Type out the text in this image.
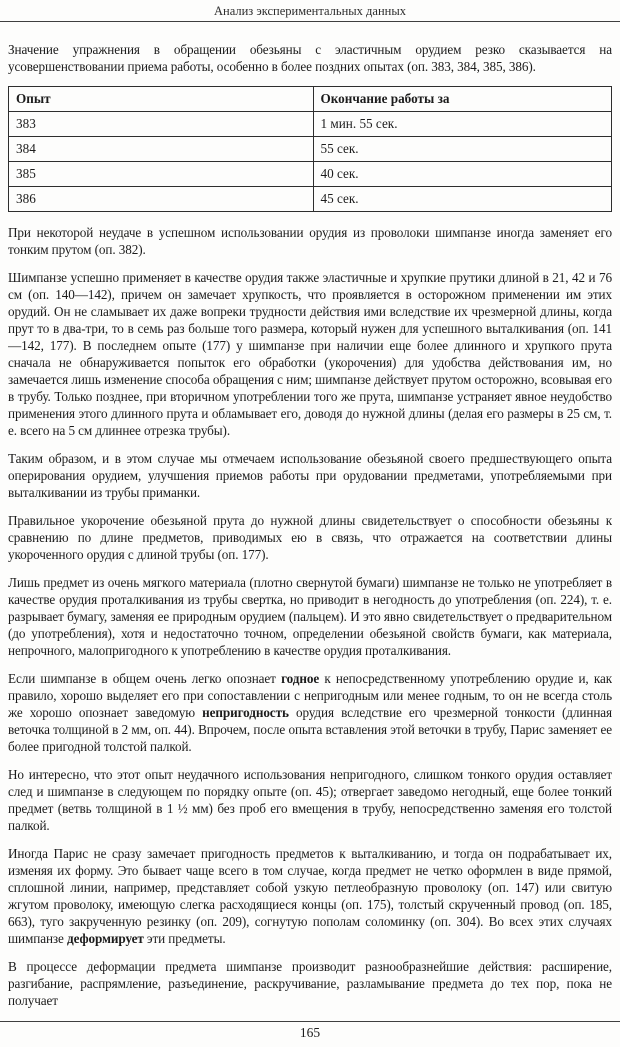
Анализ экспериментальных данных

Значение упражнения в обращении обезьяны с эластичным орудием резко сказывается на усовершенствовании приема работы, особенно в более поздних опытах (оп. 383, 384, 385, 386).

Опыт	Окончание работы за
383	1 мин. 55 сек.
384	55 сек.
385	40 сек.
386	45 сек.

При некоторой неудаче в успешном использовании орудия из проволоки шимпанзе иногда заменяет его тонким прутом (оп. 382).

Шимпанзе успешно применяет в качестве орудия также эластичные и хрупкие прутики длиной в 21, 42 и 76 см (оп. 140—142), причем он замечает хрупкость, что проявляется в осторожном применении им этих орудий. Он не сламывает их даже вопреки трудности действия ими вследствие их чрезмерной длины, когда прут то в два-три, то в семь раз больше того размера, который нужен для успешного выталкивания (оп. 141—142, 177). В последнем опыте (177) у шимпанзе при наличии еще более длинного и хрупкого прута сначала не обнаруживается попыток его обработки (укорочения) для удобства действования им, но замечается лишь изменение способа обращения с ним; шимпанзе действует прутом осторожно, всовывая его в трубу. Только позднее, при вторичном употреблении того же прута, шимпанзе устраняет явное неудобство применения этого длинного прута и обламывает его, доводя до нужной длины (делая его размеры в 25 см, т. е. всего на 5 см длиннее отрезка трубы).

Таким образом, и в этом случае мы отмечаем использование обезьяной своего предшествующего опыта оперирования орудием, улучшения приемов работы при орудовании предметами, употребляемыми при выталкивании из трубы приманки.

Правильное укорочение обезьяной прута до нужной длины свидетельствует о способности обезьяны к сравнению по длине предметов, приводимых ею в связь, что отражается на соответствии длины укороченного орудия с длиной трубы (оп. 177).

Лишь предмет из очень мягкого материала (плотно свернутой бумаги) шимпанзе не только не употребляет в качестве орудия проталкивания из трубы свертка, но приводит в негодность до употребления (оп. 224), т. е. разрывает бумагу, заменяя ее природным орудием (пальцем). И это явно свидетельствует о предварительном (до употребления), хотя и недостаточно точном, определении обезьяной свойств бумаги, как материала, непрочного, малопригодного к употреблению в качестве орудия проталкивания.

Если шимпанзе в общем очень легко опознает годное к непосредственному употреблению орудие и, как правило, хорошо выделяет его при сопоставлении с непригодным или менее годным, то он не всегда столь же хорошо опознает заведомую непригодность орудия вследствие его чрезмерной тонкости (длинная веточка толщиной в 2 мм, оп. 44). Впрочем, после опыта вставления этой веточки в трубу, Парис заменяет ее более пригодной толстой палкой.

Но интересно, что этот опыт неудачного использования непригодного, слишком тонкого орудия оставляет след и шимпанзе в следующем по порядку опыте (оп. 45); отвергает заведомо негодный, еще более тонкий предмет (ветвь толщиной в 1 ½ мм) без проб его вмещения в трубу, непосредственно заменяя его толстой палкой.

Иногда Парис не сразу замечает пригодность предметов к выталкиванию, и тогда он подрабатывает их, изменяя их форму. Это бывает чаще всего в том случае, когда предмет не четко оформлен в виде прямой, сплошной линии, например, представляет собой узкую петлеобразную проволоку (оп. 147) или свитую жгутом проволоку, имеющую слегка расходящиеся концы (оп. 175), толстый скрученный провод (оп. 185, 663), туго закрученную резинку (оп. 209), согнутую пополам соломинку (оп. 304). Во всех этих случаях шимпанзе деформирует эти предметы.

В процессе деформации предмета шимпанзе производит разнообразнейшие действия: расширение, разгибание, распрямление, разъединение, раскручивание, разламывание предмета до тех пор, пока не получает

165
